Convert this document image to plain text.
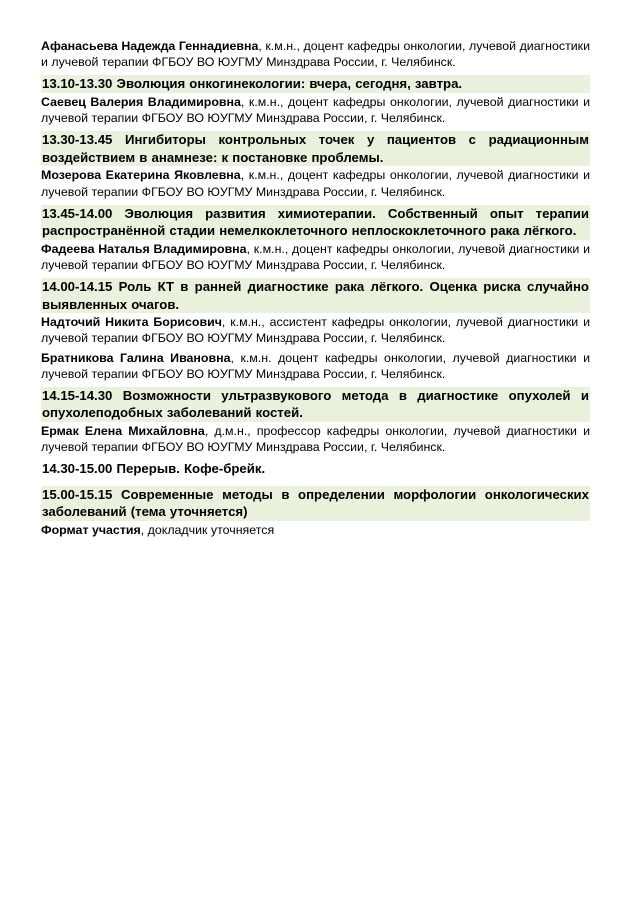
Афанасьева Надежда Геннадиевна, к.м.н., доцент кафедры онкологии, лучевой диагностики и лучевой терапии ФГБОУ ВО ЮУГМУ Минздрава России, г. Челябинск.

13.10-13.30 Эволюция онкогинекологии: вчера, сегодня, завтра.

Саевец Валерия Владимировна, к.м.н., доцент кафедры онкологии, лучевой диагностики и лучевой терапии ФГБОУ ВО ЮУГМУ Минздрава России, г. Челябинск.

13.30-13.45 Ингибиторы контрольных точек у пациентов с радиационным воздействием в анамнезе: к постановке проблемы.

Мозерова Екатерина Яковлевна, к.м.н., доцент кафедры онкологии, лучевой диагностики и лучевой терапии ФГБОУ ВО ЮУГМУ Минздрава России, г. Челябинск.

13.45-14.00 Эволюция развития химиотерапии. Собственный опыт терапии распространённой стадии немелкоклеточного неплоскоклеточного рака лёгкого.

Фадеева Наталья Владимировна, к.м.н., доцент кафедры онкологии, лучевой диагностики и лучевой терапии ФГБОУ ВО ЮУГМУ Минздрава России, г. Челябинск.

14.00-14.15 Роль КТ в ранней диагностике рака лёгкого. Оценка риска случайно выявленных очагов.

Надточий Никита Борисович, к.м.н., ассистент кафедры онкологии, лучевой диагностики и лучевой терапии ФГБОУ ВО ЮУГМУ Минздрава России, г. Челябинск.

Братникова Галина Ивановна, к.м.н. доцент кафедры онкологии, лучевой диагностики и лучевой терапии ФГБОУ ВО ЮУГМУ Минздрава России, г. Челябинск.

14.15-14.30 Возможности ультразвукового метода в диагностике опухолей и опухолеподобных заболеваний костей.

Ермак Елена Михайловна, д.м.н., профессор кафедры онкологии, лучевой диагностики и лучевой терапии ФГБОУ ВО ЮУГМУ Минздрава России, г. Челябинск.

14.30-15.00 Перерыв. Кофе-брейк.
15.00-15.15 Современные методы в определении морфологии онкологических заболеваний (тема уточняется)

Формат участия, докладчик уточняется
